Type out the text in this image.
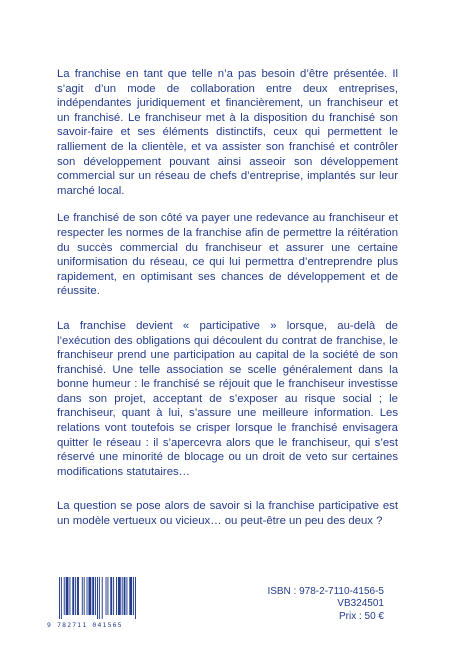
La franchise en tant que telle n’a pas besoin d’être présentée. Il s’agit d’un mode de collaboration entre deux entreprises, indépendantes juridiquement et financièrement, un franchiseur et un franchisé. Le franchiseur met à la disposition du franchisé son savoir-faire et ses éléments distinctifs, ceux qui permettent le ralliement de la clientèle, et va assister son franchisé et contrôler son développement pouvant ainsi asseoir son développement commercial sur un réseau de chefs d’entreprise, implantés sur leur marché local.

Le franchisé de son côté va payer une redevance au franchiseur et respecter les normes de la franchise afin de permettre la réitération du succès commercial du franchiseur et assurer une certaine uniformisation du réseau, ce qui lui permettra d’entreprendre plus rapidement, en optimisant ses chances de développement et de réussite.

La franchise devient « participative » lorsque, au-delà de l’exécution des obligations qui découlent du contrat de franchise, le franchiseur prend une participation au capital de la société de son franchisé. Une telle association se scelle généralement dans la bonne humeur : le franchisé se réjouit que le franchiseur investisse dans son projet, acceptant de s’exposer au risque social ; le franchiseur, quant à lui, s’assure une meilleure information. Les relations vont toutefois se crisper lorsque le franchisé envisagera quitter le réseau : il s’apercevra alors que le franchiseur, qui s’est réservé une minorité de blocage ou un droit de veto sur certaines modifications statutaires…

La question se pose alors de savoir si la franchise participative est un modèle vertueux ou vicieux… ou peut-être un peu des deux ?

9 782711 041565
ISBN : 978-2-7110-4156-5
VB324501
Prix : 50 €
